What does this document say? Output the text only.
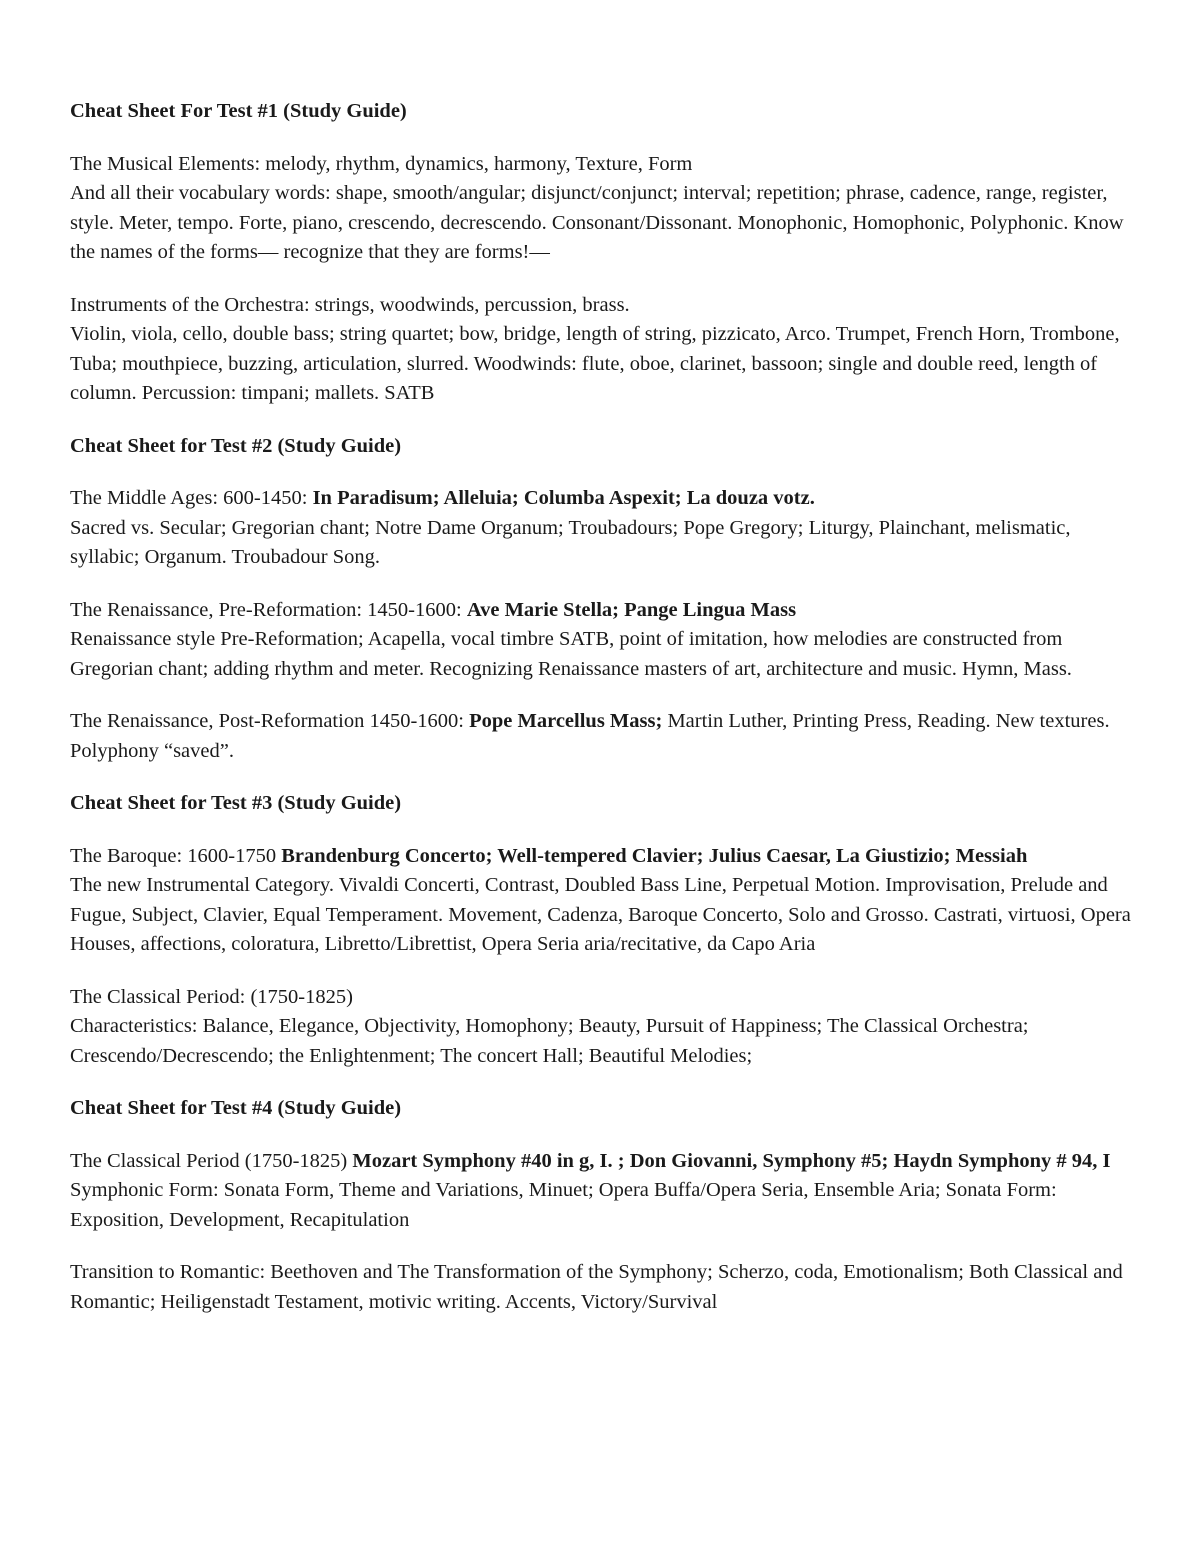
Cheat Sheet For Test #1 (Study Guide)

The Musical Elements: melody, rhythm, dynamics, harmony, Texture, Form

And all their vocabulary words: shape, smooth/angular; disjunct/conjunct; interval; repetition; phrase, cadence, range, register, style. Meter, tempo. Forte, piano, crescendo, decrescendo. Consonant/Dissonant. Monophonic, Homophonic, Polyphonic. Know the names of the forms— recognize that they are forms!—

Instruments of the Orchestra: strings, woodwinds, percussion, brass.

Violin, viola, cello, double bass; string quartet; bow, bridge, length of string, pizzicato, Arco. Trumpet, French Horn, Trombone, Tuba; mouthpiece, buzzing, articulation, slurred. Woodwinds: flute, oboe, clarinet, bassoon; single and double reed, length of column. Percussion: timpani; mallets. SATB

Cheat Sheet for Test #2 (Study Guide)

The Middle Ages: 600-1450: In Paradisum; Alleluia; Columba Aspexit; La douza votz.

Sacred vs. Secular; Gregorian chant; Notre Dame Organum; Troubadours; Pope Gregory; Liturgy, Plainchant, melismatic, syllabic; Organum. Troubadour Song.

The Renaissance, Pre-Reformation: 1450-1600: Ave Marie Stella; Pange Lingua Mass

Renaissance style Pre-Reformation; Acapella, vocal timbre SATB, point of imitation, how melodies are constructed from Gregorian chant; adding rhythm and meter. Recognizing Renaissance masters of art, architecture and music. Hymn, Mass.

The Renaissance, Post-Reformation 1450-1600: Pope Marcellus Mass; Martin Luther, Printing Press, Reading. New textures. Polyphony “saved”.

Cheat Sheet for Test #3 (Study Guide)

The Baroque: 1600-1750 Brandenburg Concerto; Well-tempered Clavier; Julius Caesar, La Giustizio; Messiah

The new Instrumental Category. Vivaldi Concerti, Contrast, Doubled Bass Line, Perpetual Motion. Improvisation, Prelude and Fugue, Subject, Clavier, Equal Temperament. Movement, Cadenza, Baroque Concerto, Solo and Grosso. Castrati, virtuosi, Opera Houses, affections, coloratura, Libretto/Librettist, Opera Seria aria/recitative, da Capo Aria

The Classical Period: (1750-1825)

Characteristics: Balance, Elegance, Objectivity, Homophony; Beauty, Pursuit of Happiness; The Classical Orchestra; Crescendo/Decrescendo; the Enlightenment; The concert Hall; Beautiful Melodies;

Cheat Sheet for Test #4 (Study Guide)

The Classical Period (1750-1825) Mozart Symphony #40 in g, I. ; Don Giovanni, Symphony #5; Haydn Symphony # 94, I

Symphonic Form: Sonata Form, Theme and Variations, Minuet; Opera Buffa/Opera Seria, Ensemble Aria; Sonata Form: Exposition, Development, Recapitulation

Transition to Romantic: Beethoven and The Transformation of the Symphony; Scherzo, coda, Emotionalism; Both Classical and Romantic; Heiligenstadt Testament, motivic writing. Accents, Victory/Survival
